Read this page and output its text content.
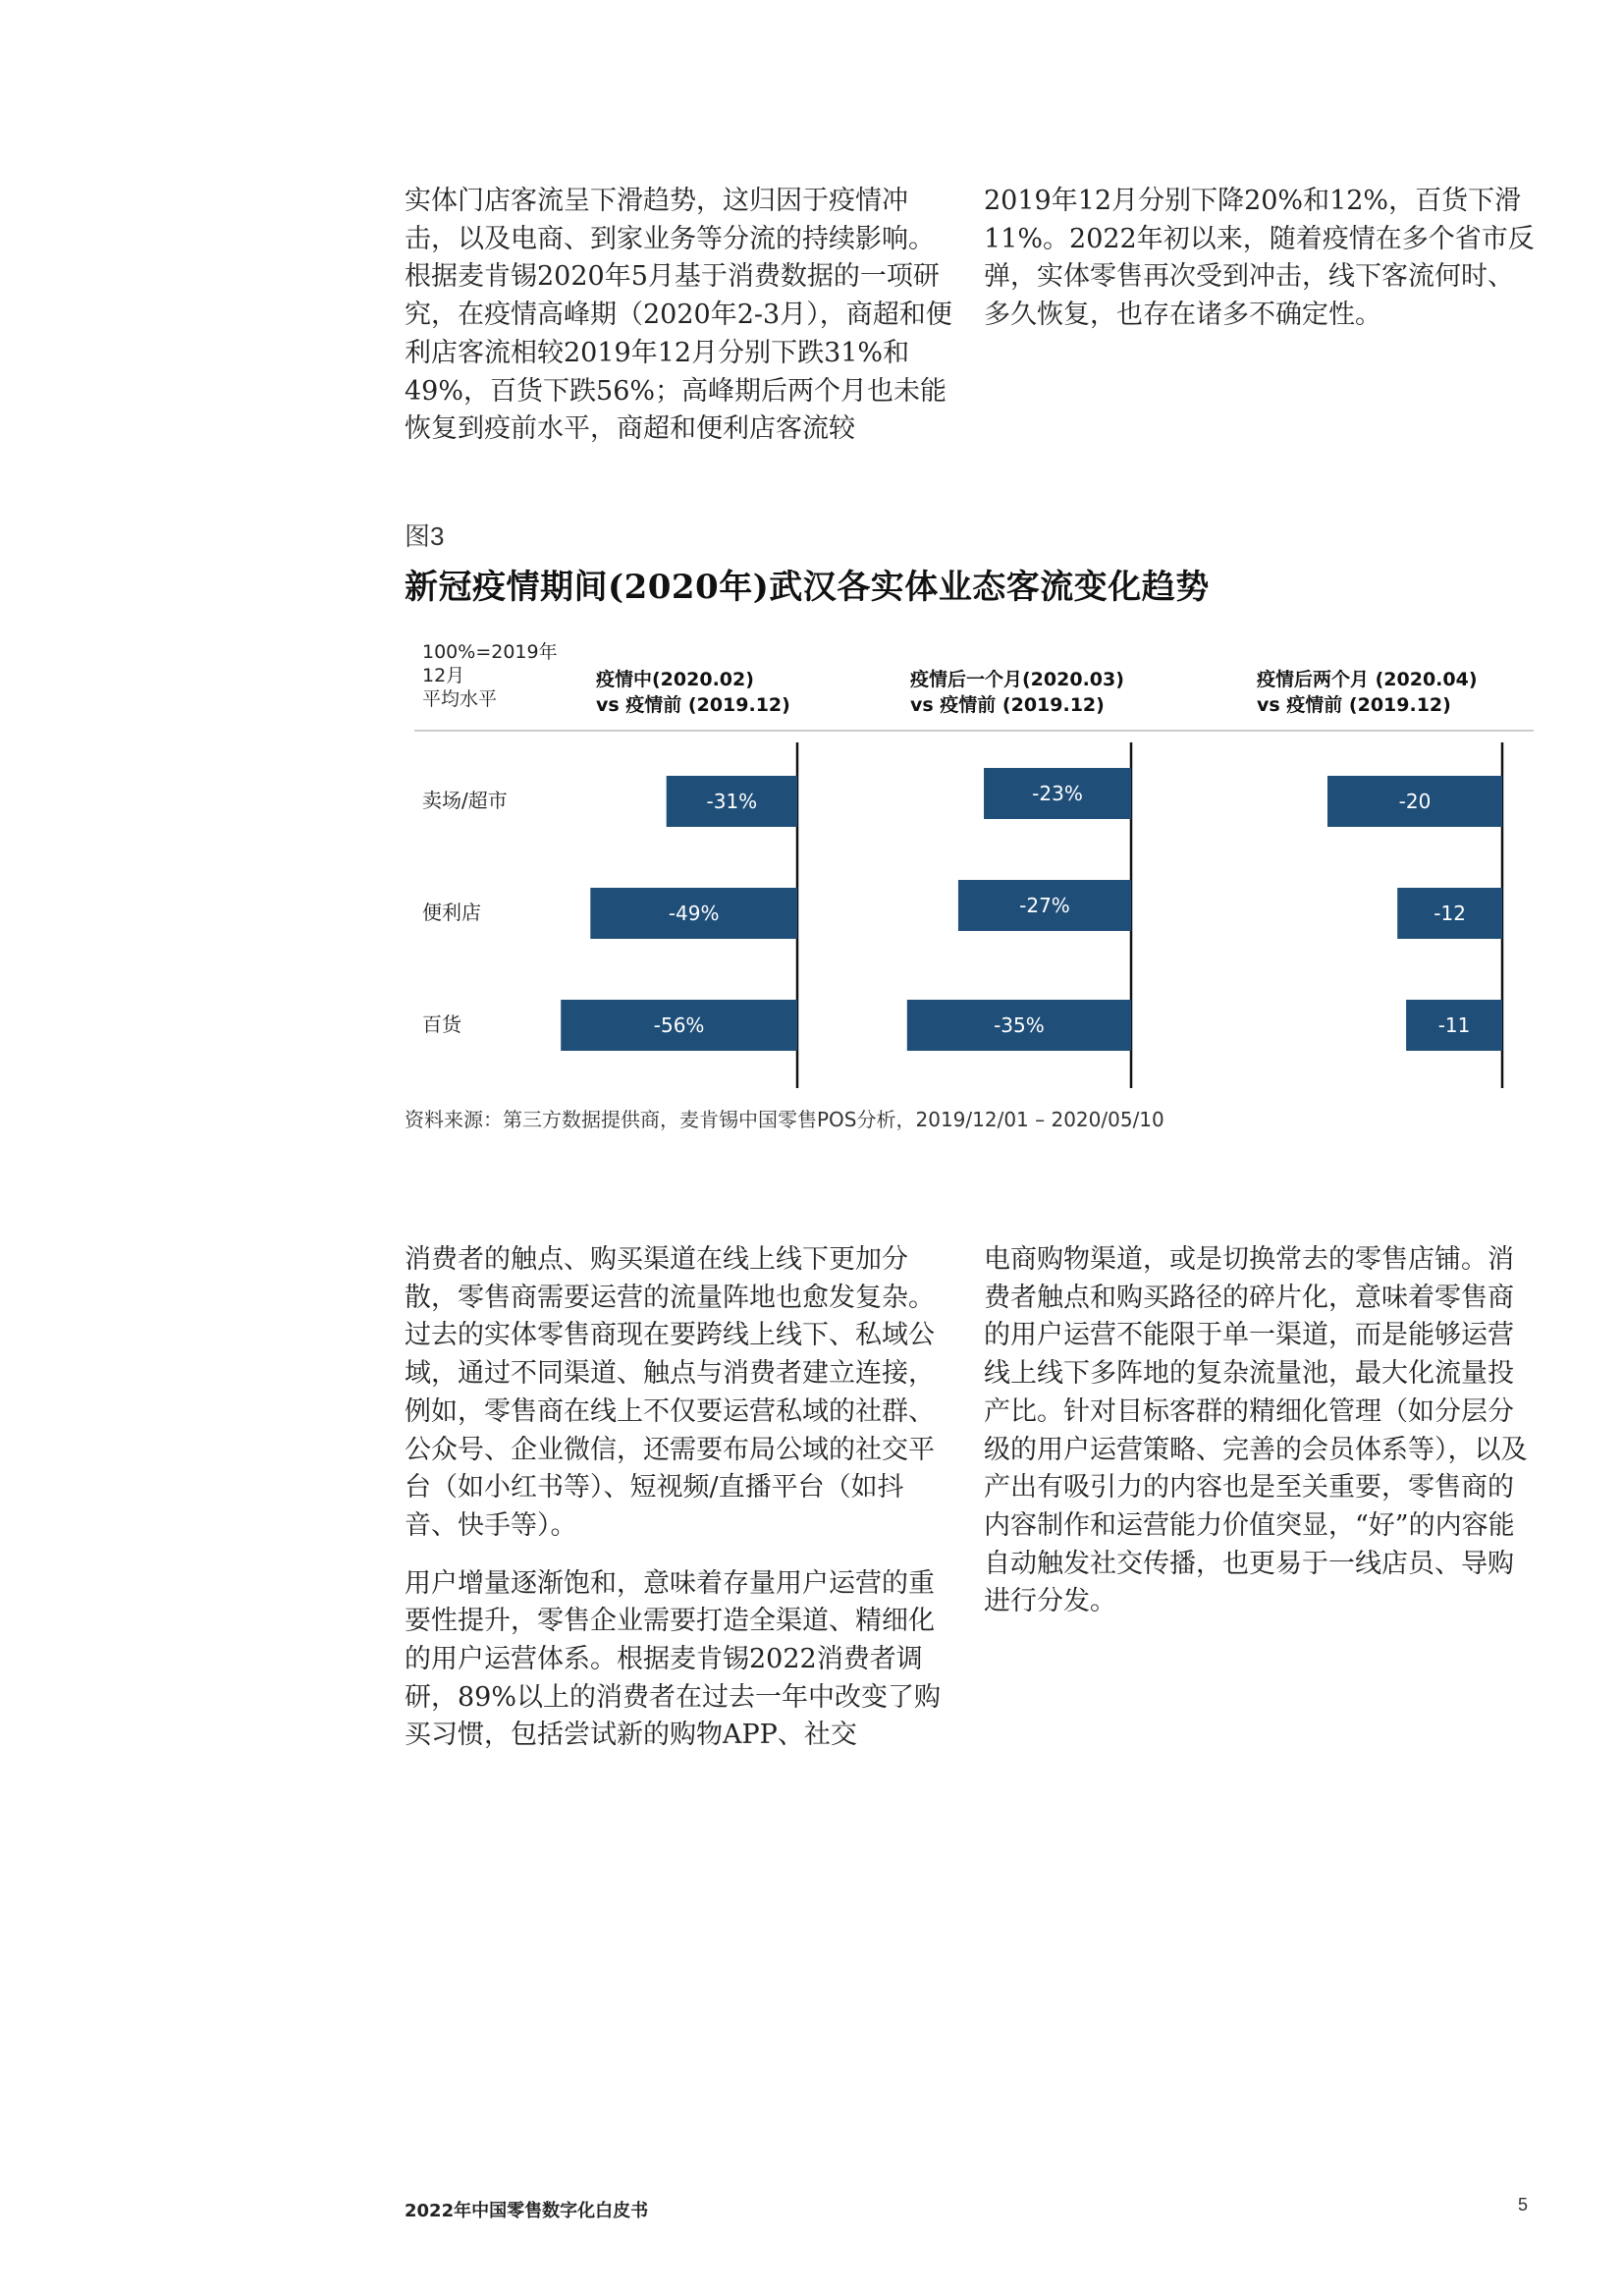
实体门店客流呈下滑趋势，这归因于疫情冲击，以及电商、到家业务等分流的持续影响。根据麦肯锡2020年5月基于消费数据的一项研究，在疫情高峰期（2020年2-3月），商超和便利店客流相较2019年12月分别下跌31%和49%，百货下跌56%；高峰期后两个月也未能恢复到疫前水平，商超和便利店客流较

2019年12月分别下降20%和12%，百货下滑11%。2022年初以来，随着疫情在多个省市反弹，实体零售再次受到冲击，线下客流何时、多久恢复，也存在诸多不确定性。

图3
新冠疫情期间(2020年)武汉各实体业态客流变化趋势
100%=2019年
12月
平均水平
卖场/超市
便利店
百货
疫情中(2020.02)
vs 疫情前 (2019.12)
-31%
-49%
-56%
疫情后一个月(2020.03)
vs 疫情前 (2019.12)
-23%
-27%
-35%
疫情后两个月 (2020.04)
vs 疫情前 (2019.12)
-20
-12
-11
资料来源：第三方数据提供商，麦肯锡中国零售POS分析，2019/12/01 – 2020/05/10

消费者的触点、购买渠道在线上线下更加分散，零售商需要运营的流量阵地也愈发复杂。过去的实体零售商现在要跨线上线下、私域公域，通过不同渠道、触点与消费者建立连接，例如，零售商在线上不仅要运营私域的社群、公众号、企业微信，还需要布局公域的社交平台（如小红书等）、短视频/直播平台（如抖音、快手等）。

用户增量逐渐饱和，意味着存量用户运营的重要性提升，零售企业需要打造全渠道、精细化的用户运营体系。根据麦肯锡2022消费者调研，89%以上的消费者在过去一年中改变了购买习惯，包括尝试新的购物APP、社交

电商购物渠道，或是切换常去的零售店铺。消费者触点和购买路径的碎片化，意味着零售商的用户运营不能限于单一渠道，而是能够运营线上线下多阵地的复杂流量池，最大化流量投产比。针对目标客群的精细化管理（如分层分级的用户运营策略、完善的会员体系等），以及产出有吸引力的内容也是至关重要，零售商的内容制作和运营能力价值突显，“好”的内容能自动触发社交传播，也更易于一线店员、导购进行分发。

2022年中国零售数字化白皮书	5
